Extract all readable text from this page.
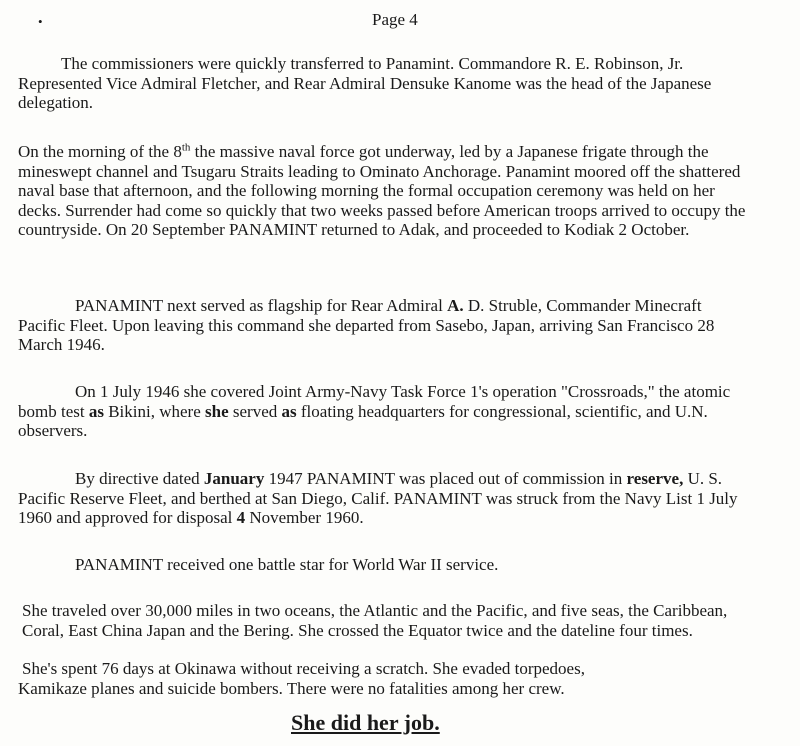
•	Page 4

The commissioners were quickly transferred to Panamint. Commandore R. E. Robinson, Jr. Represented Vice Admiral Fletcher, and Rear Admiral Densuke Kanome was the head of the Japanese delegation.

On the morning of the 8th the massive naval force got underway, led by a Japanese frigate through the mineswept channel and Tsugaru Straits leading to Ominato Anchorage. Panamint moored off the shattered naval base that afternoon, and the following morning the formal occupation ceremony was held on her decks. Surrender had come so quickly that two weeks passed before American troops arrived to occupy the countryside. On 20 September PANAMINT returned to Adak, and proceeded to Kodiak 2 October.

PANAMINT next served as flagship for Rear Admiral A. D. Struble, Commander Minecraft Pacific Fleet. Upon leaving this command she departed from Sasebo, Japan, arriving San Francisco 28 March 1946.

On 1 July 1946 she covered Joint Army-Navy Task Force 1's operation "Crossroads," the atomic bomb test as Bikini, where she served as floating headquarters for congressional, scientific, and U.N. observers.

By directive dated January 1947 PANAMINT was placed out of commission in reserve, U. S. Pacific Reserve Fleet, and berthed at San Diego, Calif. PANAMINT was struck from the Navy List 1 July 1960 and approved for disposal 4 November 1960.

PANAMINT received one battle star for World War II service.

She traveled over 30,000 miles in two oceans, the Atlantic and the Pacific, and five seas, the Caribbean, Coral, East China Japan and the Bering. She crossed the Equator twice and the dateline four times.

She's spent 76 days at Okinawa without receiving a scratch. She evaded torpedoes, Kamikaze planes and suicide bombers. There were no fatalities among her crew.

She did her job.
